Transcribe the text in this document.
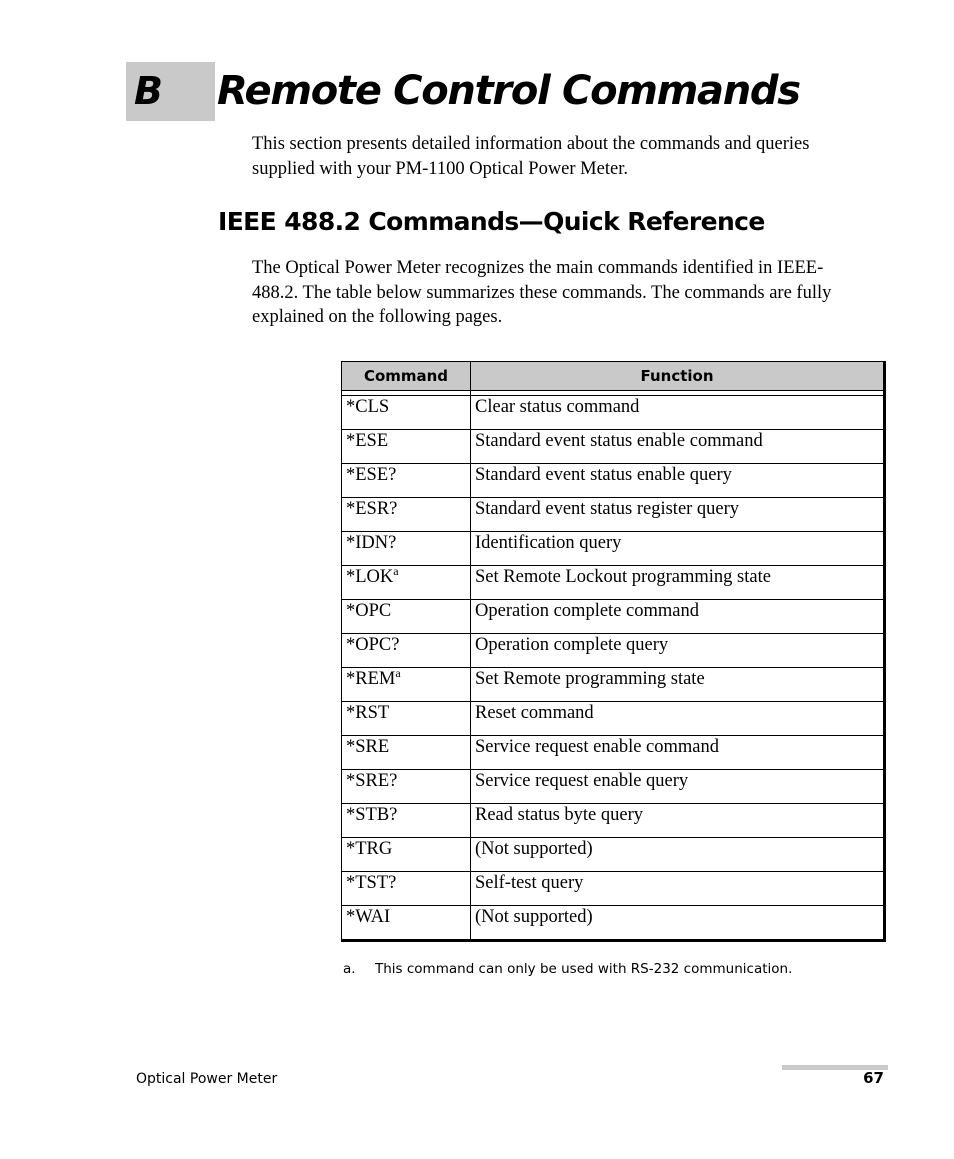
B Remote Control Commands
This section presents detailed information about the commands and queries supplied with your PM-1100 Optical Power Meter.
IEEE 488.2 Commands—Quick Reference
The Optical Power Meter recognizes the main commands identified in IEEE-488.2. The table below summarizes these commands. The commands are fully explained on the following pages.
Command	Function

*CLS	Clear status command
*ESE	Standard event status enable command
*ESE?	Standard event status enable query
*ESR?	Standard event status register query
*IDN?	Identification query
*LOK$^a$	Set Remote Lockout programming state
*OPC	Operation complete command
*OPC?	Operation complete query
*REM$^a$	Set Remote programming state
*RST	Reset command
*SRE	Service request enable command
*SRE?	Service request enable query
*STB?	Read status byte query
*TRG	(Not supported)
*TST?	Self-test query
*WAI	(Not supported)
a. This command can only be used with RS-232 communication.
Optical Power Meter	67
